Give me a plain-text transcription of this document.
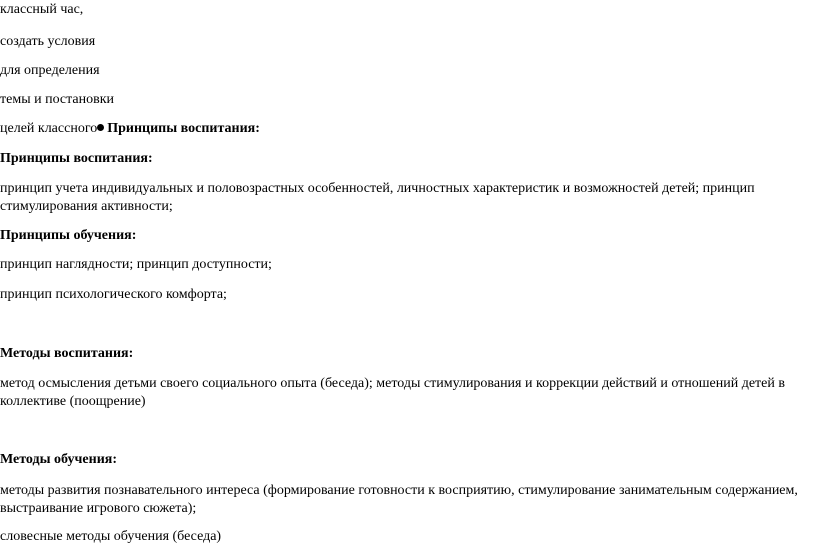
классный час,
создать условия
для определения
темы и постановки
целей классного Принципы воспитания:
Принципы воспитания:
принцип учета индивидуальных и половозрастных особенностей, личностных характеристик и возможностей детей; принцип стимулирования активности;
Принципы обучения:
принцип наглядности; принцип доступности;
принцип психологического комфорта;
Методы воспитания:
метод осмысления детьми своего социального опыта (беседа); методы стимулирования и коррекции действий и отношений детей в коллективе (поощрение)
Методы обучения:
методы развития познавательного интереса (формирование готовности к восприятию, стимулирование занимательным содержанием, выстраивание игрового сюжета);
словесные методы обучения (беседа)
